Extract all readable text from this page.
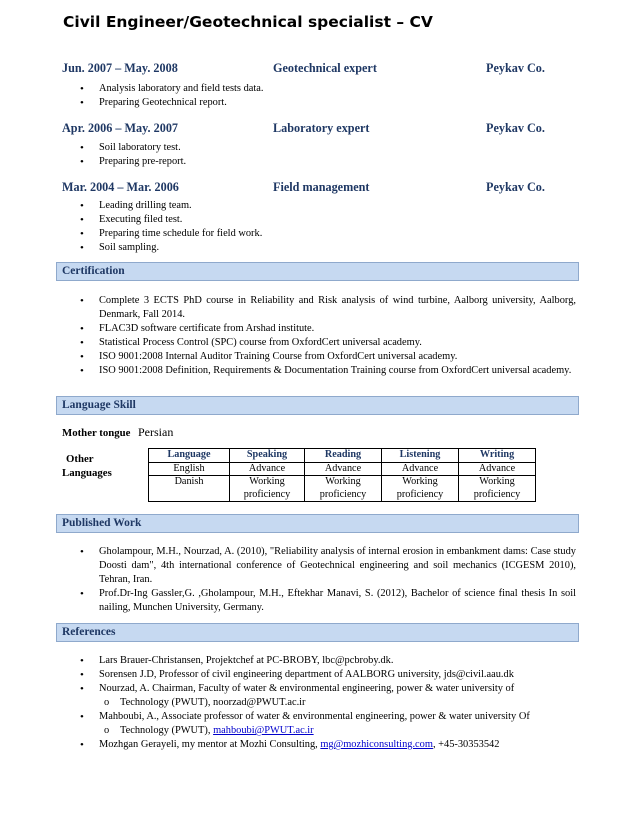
Civil Engineer/Geotechnical specialist – CV
Jun. 2007 – May. 2008	Geotechnical expert	Peykav Co.
• Analysis laboratory and field tests data.
• Preparing Geotechnical report.
Apr. 2006 – May. 2007	Laboratory expert	Peykav Co.
• Soil laboratory test.
• Preparing pre-report.
Mar. 2004 – Mar. 2006	Field management	Peykav Co.
• Leading drilling team.
• Executing filed test.
• Preparing time schedule for field work.
• Soil sampling.
Certification
• Complete 3 ECTS PhD course in Reliability and Risk analysis of wind turbine, Aalborg university, Aalborg, Denmark, Fall 2014.
• FLAC3D software certificate from Arshad institute.
• Statistical Process Control (SPC) course from OxfordCert universal academy.
• ISO 9001:2008 Internal Auditor Training Course from OxfordCert universal academy.
• ISO 9001:2008 Definition, Requirements & Documentation Training course from OxfordCert universal academy.
Language Skill
Mother tongue Persian
Other
Languages
Language	Speaking	Reading	Listening	Writing
English	Advance	Advance	Advance	Advance
Danish	Working proficiency	Working proficiency	Working proficiency	Working proficiency
Published Work
• Gholampour, M.H., Nourzad, A. (2010), "Reliability analysis of internal erosion in embankment dams: Case study Doosti dam", 4th international conference of Geotechnical engineering and soil mechanics (ICGESM 2010), Tehran, Iran.
• Prof.Dr-Ing Gassler,G. ,Gholampour, M.H., Eftekhar Manavi, S. (2012), Bachelor of science final thesis In soil nailing, Munchen University, Germany.
References
• Lars Brauer-Christansen, Projektchef at PC-BROBY, lbc@pcbroby.dk.
• Sorensen J.D, Professor of civil engineering department of AALBORG university, jds@civil.aau.dk
• Nourzad, A. Chairman, Faculty of water & environmental engineering, power & water university of
o Technology (PWUT), noorzad@PWUT.ac.ir
• Mahboubi, A., Associate professor of water & environmental engineering, power & water university Of
o Technology (PWUT), mahboubi@PWUT.ac.ir
• Mozhgan Gerayeli, my mentor at Mozhi Consulting, mg@mozhiconsulting.com, +45-30353542
